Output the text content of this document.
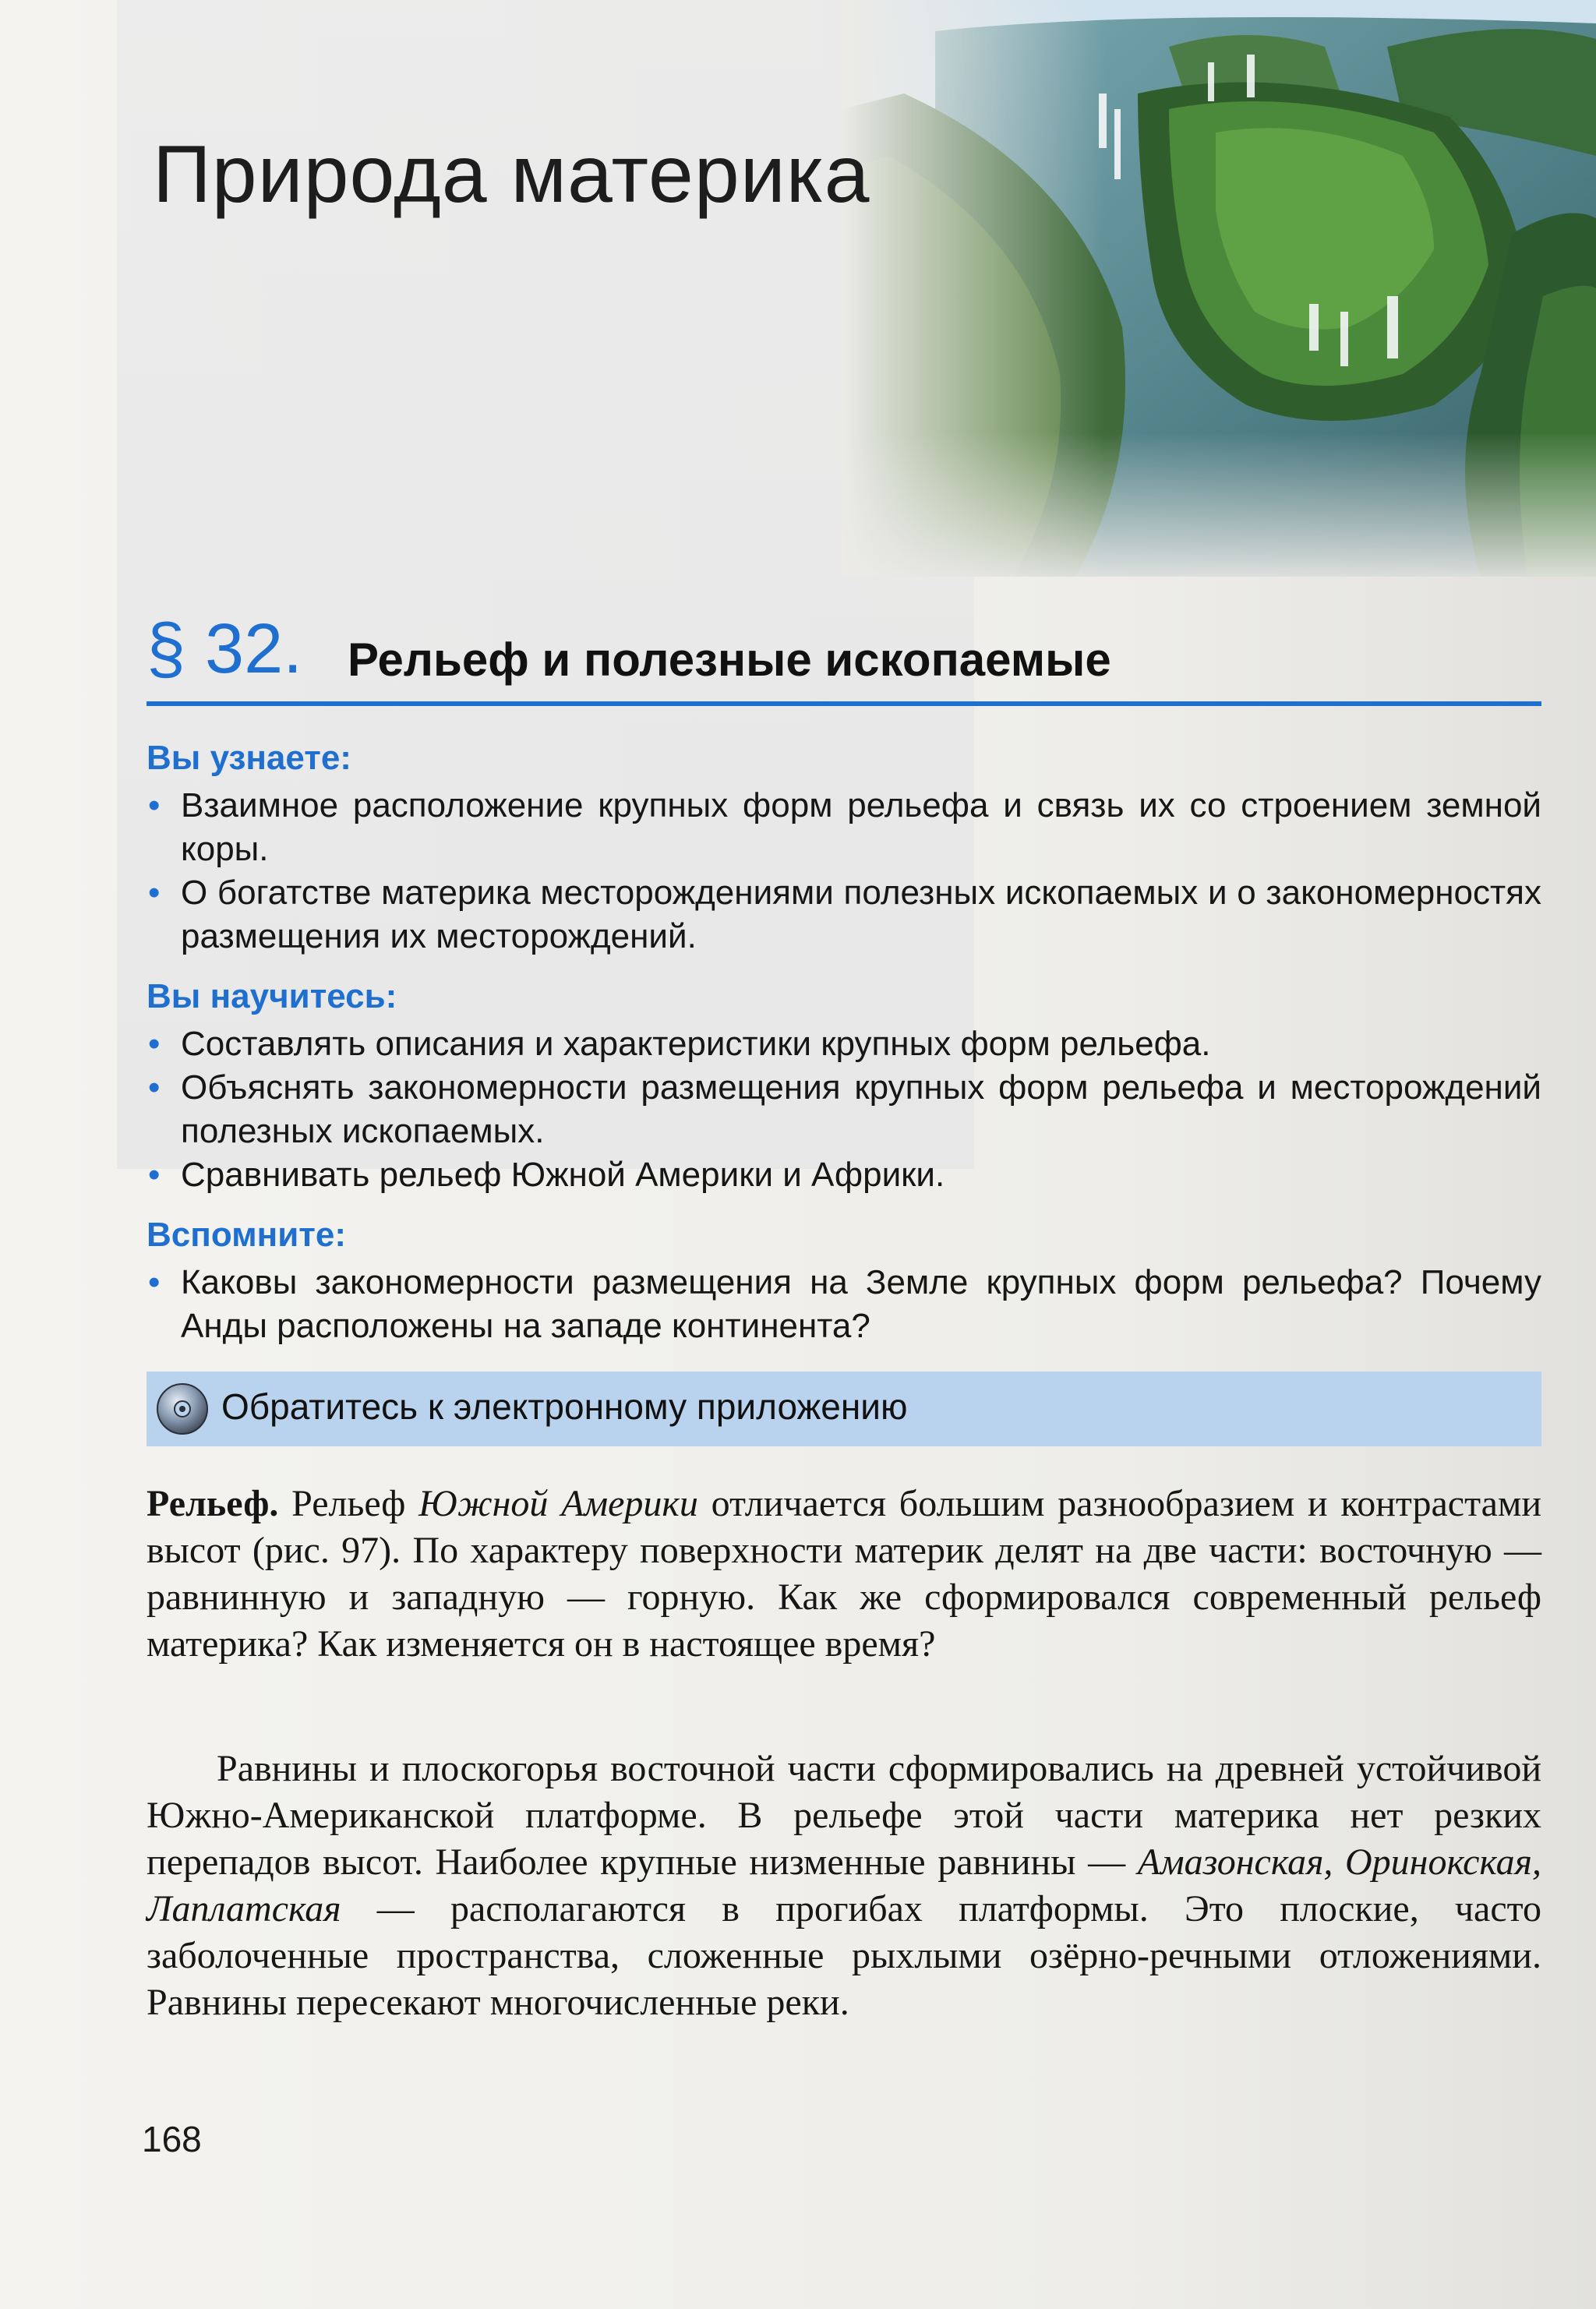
Природа материка
§ 32. Рельеф и полезные ископаемые
Вы узнаете:
• Взаимное расположение крупных форм рельефа и связь их со строением земной коры.
• О богатстве материка месторождениями полезных ископаемых и о закономерностях размещения их месторождений.
Вы научитесь:
• Составлять описания и характеристики крупных форм рельефа.
• Объяснять закономерности размещения крупных форм рельефа и месторождений полезных ископаемых.
• Сравнивать рельеф Южной Америки и Африки.
Вспомните:
• Каковы закономерности размещения на Земле крупных форм рельефа? Почему Анды расположены на западе континента?
Обратитесь к электронному приложению

Рельеф. Рельеф Южной Америки отличается большим разнообразием и контрастами высот (рис. 97). По характеру поверхности материк делят на две части: восточную — равнинную и западную — горную. Как же сформировался современный рельеф материка? Как изменяется он в настоящее время?

Равнины и плоскогорья восточной части сформировались на древней устойчивой Южно-Американской платформе. В рельефе этой части материка нет резких перепадов высот. Наиболее крупные низменные равнины — Амазонская, Оринокская, Лаплатская — располагаются в прогибах платформы. Это плоские, часто заболоченные пространства, сложенные рыхлыми озёрно-речными отложениями. Равнины пересекают многочисленные реки.

168
